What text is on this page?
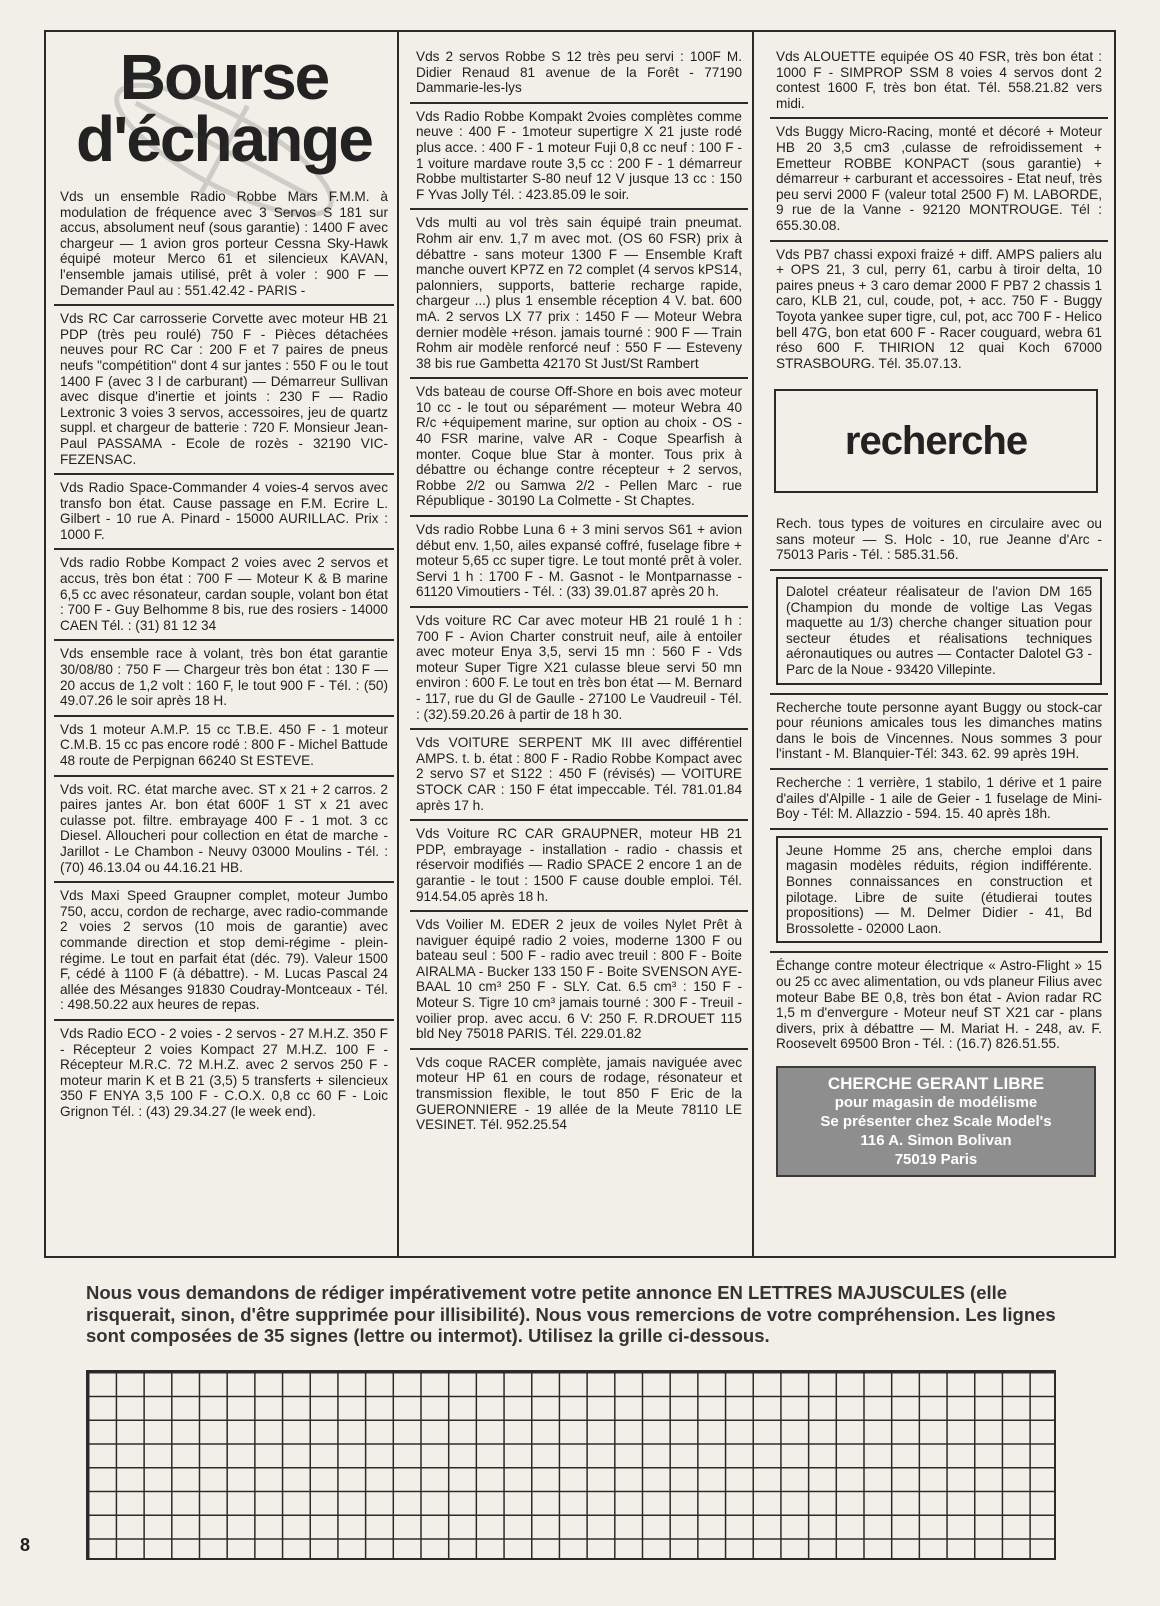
Bourse
d'échange
Vds un ensemble Radio Robbe Mars F.M.M. à modulation de fréquence avec 3 Servos S 181 sur accus, absolument neuf (sous garantie) : 1400 F avec chargeur — 1 avion gros porteur Cessna Sky-Hawk équipé moteur Merco 61 et silencieux KAVAN, l'ensemble jamais utilisé, prêt à voler : 900 F — Demander Paul au : 551.42.42 - PARIS -
Vds RC Car carrosserie Corvette avec moteur HB 21 PDP (très peu roulé) 750 F - Pièces détachées neuves pour RC Car : 200 F et 7 paires de pneus neufs "compétition" dont 4 sur jantes : 550 F ou le tout 1400 F (avec 3 l de carburant) — Démarreur Sullivan avec disque d'inertie et joints : 230 F — Radio Lextronic 3 voies 3 servos, accessoires, jeu de quartz suppl. et chargeur de batterie : 720 F. Monsieur Jean-Paul PASSAMA - Ecole de rozès - 32190 VIC-FEZENSAC.
Vds Radio Space-Commander 4 voies-4 servos avec transfo bon état. Cause passage en F.M. Ecrire L. Gilbert - 10 rue A. Pinard - 15000 AURILLAC. Prix : 1000 F.
Vds radio Robbe Kompact 2 voies avec 2 servos et accus, très bon état : 700 F — Moteur K & B marine 6,5 cc avec résonateur, cardan souple, volant bon état : 700 F - Guy Belhomme 8 bis, rue des rosiers - 14000 CAEN Tél. : (31) 81 12 34
Vds ensemble race à volant, très bon état garantie 30/08/80 : 750 F — Chargeur très bon état : 130 F — 20 accus de 1,2 volt : 160 F, le tout 900 F - Tél. : (50) 49.07.26 le soir après 18 H.
Vds 1 moteur A.M.P. 15 cc T.B.E. 450 F - 1 moteur C.M.B. 15 cc pas encore rodé : 800 F - Michel Battude 48 route de Perpignan 66240 St ESTEVE.
Vds voit. RC. état marche avec. ST x 21 + 2 carros. 2 paires jantes Ar. bon état 600F 1 ST x 21 avec culasse pot. filtre. embrayage 400 F - 1 mot. 3 cc Diesel. Alloucheri pour collection en état de marche - Jarillot - Le Chambon - Neuvy 03000 Moulins - Tél. : (70) 46.13.04 ou 44.16.21 HB.
Vds Maxi Speed Graupner complet, moteur Jumbo 750, accu, cordon de recharge, avec radio-commande 2 voies 2 servos (10 mois de garantie) avec commande direction et stop demi-régime - plein-régime. Le tout en parfait état (déc. 79). Valeur 1500 F, cédé à 1100 F (à débattre). - M. Lucas Pascal 24 allée des Mésanges 91830 Coudray-Montceaux - Tél. : 498.50.22 aux heures de repas.
Vds Radio ECO - 2 voies - 2 servos - 27 M.H.Z. 350 F - Récepteur 2 voies Kompact 27 M.H.Z. 100 F - Récepteur M.R.C. 72 M.H.Z. avec 2 servos 250 F - moteur marin K et B 21 (3,5) 5 transferts + silencieux 350 F ENYA 3,5 100 F - C.O.X. 0,8 cc 60 F - Loic Grignon Tél. : (43) 29.34.27 (le week end).
Vds 2 servos Robbe S 12 très peu servi : 100F M. Didier Renaud 81 avenue de la Forêt - 77190 Dammarie-les-lys
Vds Radio Robbe Kompakt 2voies complètes comme neuve : 400 F - 1moteur supertigre X 21 juste rodé plus acce. : 400 F - 1 moteur Fuji 0,8 cc neuf : 100 F - 1 voiture mardave route 3,5 cc : 200 F - 1 démarreur Robbe multistarter S-80 neuf 12 V jusque 13 cc : 150 F Yvas Jolly Tél. : 423.85.09 le soir.
Vds multi au vol très sain équipé train pneumat. Rohm air env. 1,7 m avec mot. (OS 60 FSR) prix à débattre - sans moteur 1300 F — Ensemble Kraft manche ouvert KP7Z en 72 complet (4 servos kPS14, palonniers, supports, batterie recharge rapide, chargeur ...) plus 1 ensemble réception 4 V. bat. 600 mA. 2 servos LX 77 prix : 1450 F — Moteur Webra dernier modèle +réson. jamais tourné : 900 F — Train Rohm air modèle renforcé neuf : 550 F — Esteveny 38 bis rue Gambetta 42170 St Just/St Rambert
Vds bateau de course Off-Shore en bois avec moteur 10 cc - le tout ou séparément — moteur Webra 40 R/c +équipement marine, sur option au choix - OS - 40 FSR marine, valve AR - Coque Spearfish à monter. Coque blue Star à monter. Tous prix à débattre ou échange contre récepteur + 2 servos, Robbe 2/2 ou Samwa 2/2 - Pellen Marc - rue République - 30190 La Colmette - St Chaptes.
Vds radio Robbe Luna 6 + 3 mini servos S61 + avion début env. 1,50, ailes expansé coffré, fuselage fibre + moteur 5,65 cc super tigre. Le tout monté prêt à voler. Servi 1 h : 1700 F - M. Gasnot - le Montparnasse - 61120 Vimoutiers - Tél. : (33) 39.01.87 après 20 h.
Vds voiture RC Car avec moteur HB 21 roulé 1 h : 700 F - Avion Charter construit neuf, aile à entoiler avec moteur Enya 3,5, servi 15 mn : 560 F - Vds moteur Super Tigre X21 culasse bleue servi 50 mn environ : 600 F. Le tout en très bon état — M. Bernard - 117, rue du Gl de Gaulle - 27100 Le Vaudreuil - Tél. : (32).59.20.26 à partir de 18 h 30.
Vds VOITURE SERPENT MK III avec différentiel AMPS. t. b. état : 800 F - Radio Robbe Kompact avec 2 servo S7 et S122 : 450 F (révisés) — VOITURE STOCK CAR : 150 F état impeccable. Tél. 781.01.84 après 17 h.
Vds Voiture RC CAR GRAUPNER, moteur HB 21 PDP, embrayage - installation - radio - chassis et réservoir modifiés — Radio SPACE 2 encore 1 an de garantie - le tout : 1500 F cause double emploi. Tél. 914.54.05 après 18 h.
Vds Voilier M. EDER 2 jeux de voiles Nylet Prêt à naviguer équipé radio 2 voies, moderne 1300 F ou bateau seul : 500 F - radio avec treuil : 800 F - Boite AIRALMA - Bucker 133 150 F - Boite SVENSON AYE-BAAL 10 cm³ 250 F - SLY. Cat. 6.5 cm³ : 150 F - Moteur S. Tigre 10 cm³ jamais tourné : 300 F - Treuil - voilier prop. avec accu. 6 V: 250 F. R.DROUET 115 bld Ney 75018 PARIS. Tél. 229.01.82
Vds coque RACER complète, jamais naviguée avec moteur HP 61 en cours de rodage, résonateur et transmission flexible, le tout 850 F Eric de la GUERONNIERE - 19 allée de la Meute 78110 LE VESINET. Tél. 952.25.54
Vds ALOUETTE equipée OS 40 FSR, très bon état : 1000 F - SIMPROP SSM 8 voies 4 servos dont 2 contest 1600 F, très bon état. Tél. 558.21.82 vers midi.
Vds Buggy Micro-Racing, monté et décoré + Moteur HB 20 3,5 cm3 ,culasse de refroidissement + Emetteur ROBBE KONPACT (sous garantie) + démarreur + carburant et accessoires - Etat neuf, très peu servi 2000 F (valeur total 2500 F) M. LABORDE, 9 rue de la Vanne - 92120 MONTROUGE. Tél : 655.30.08.
Vds PB7 chassi expoxi fraizé + diff. AMPS paliers alu + OPS 21, 3 cul, perry 61, carbu à tiroir delta, 10 paires pneus + 3 caro demar 2000 F PB7 2 chassis 1 caro, KLB 21, cul, coude, pot, + acc. 750 F - Buggy Toyota yankee super tigre, cul, pot, acc 700 F - Helico bell 47G, bon etat 600 F - Racer couguard, webra 61 réso 600 F. THIRION 12 quai Koch 67000 STRASBOURG. Tél. 35.07.13.
recherche
Rech. tous types de voitures en circulaire avec ou sans moteur — S. Holc - 10, rue Jeanne d'Arc - 75013 Paris - Tél. : 585.31.56.
Dalotel créateur réalisateur de l'avion DM 165 (Champion du monde de voltige Las Vegas maquette au 1/3) cherche changer situation pour secteur études et réalisations techniques aéronautiques ou autres — Contacter Dalotel G3 - Parc de la Noue - 93420 Villepinte.
Recherche toute personne ayant Buggy ou stock-car pour réunions amicales tous les dimanches matins dans le bois de Vincennes. Nous sommes 3 pour l'instant - M. Blanquier-Tél: 343. 62. 99 après 19H.
Recherche : 1 verrière, 1 stabilo, 1 dérive et 1 paire d'ailes d'Alpille - 1 aile de Geier - 1 fuselage de Mini-Boy - Tél: M. Allazzio - 594. 15. 40 après 18h.
Jeune Homme 25 ans, cherche emploi dans magasin modèles réduits, région indifférente. Bonnes connaissances en construction et pilotage. Libre de suite (étudierai toutes propositions) — M. Delmer Didier - 41, Bd Brossolette - 02000 Laon.
Échange contre moteur électrique « Astro-Flight » 15 ou 25 cc avec alimentation, ou vds planeur Filius avec moteur Babe BE 0,8, très bon état - Avion radar RC 1,5 m d'envergure - Moteur neuf ST X21 car - plans divers, prix à débattre — M. Mariat H. - 248, av. F. Roosevelt 69500 Bron - Tél. : (16.7) 826.51.55.
CHERCHE GERANT LIBRE
pour magasin de modélisme
Se présenter chez Scale Model's
116 A. Simon Bolivan
75019 Paris
Nous vous demandons de rédiger impérativement votre petite annonce EN LETTRES MAJUSCULES (elle risquerait, sinon, d'être supprimée pour illisibilité). Nous vous remercions de votre compréhension. Les lignes sont composées de 35 signes (lettre ou intermot). Utilisez la grille ci-dessous.
8
